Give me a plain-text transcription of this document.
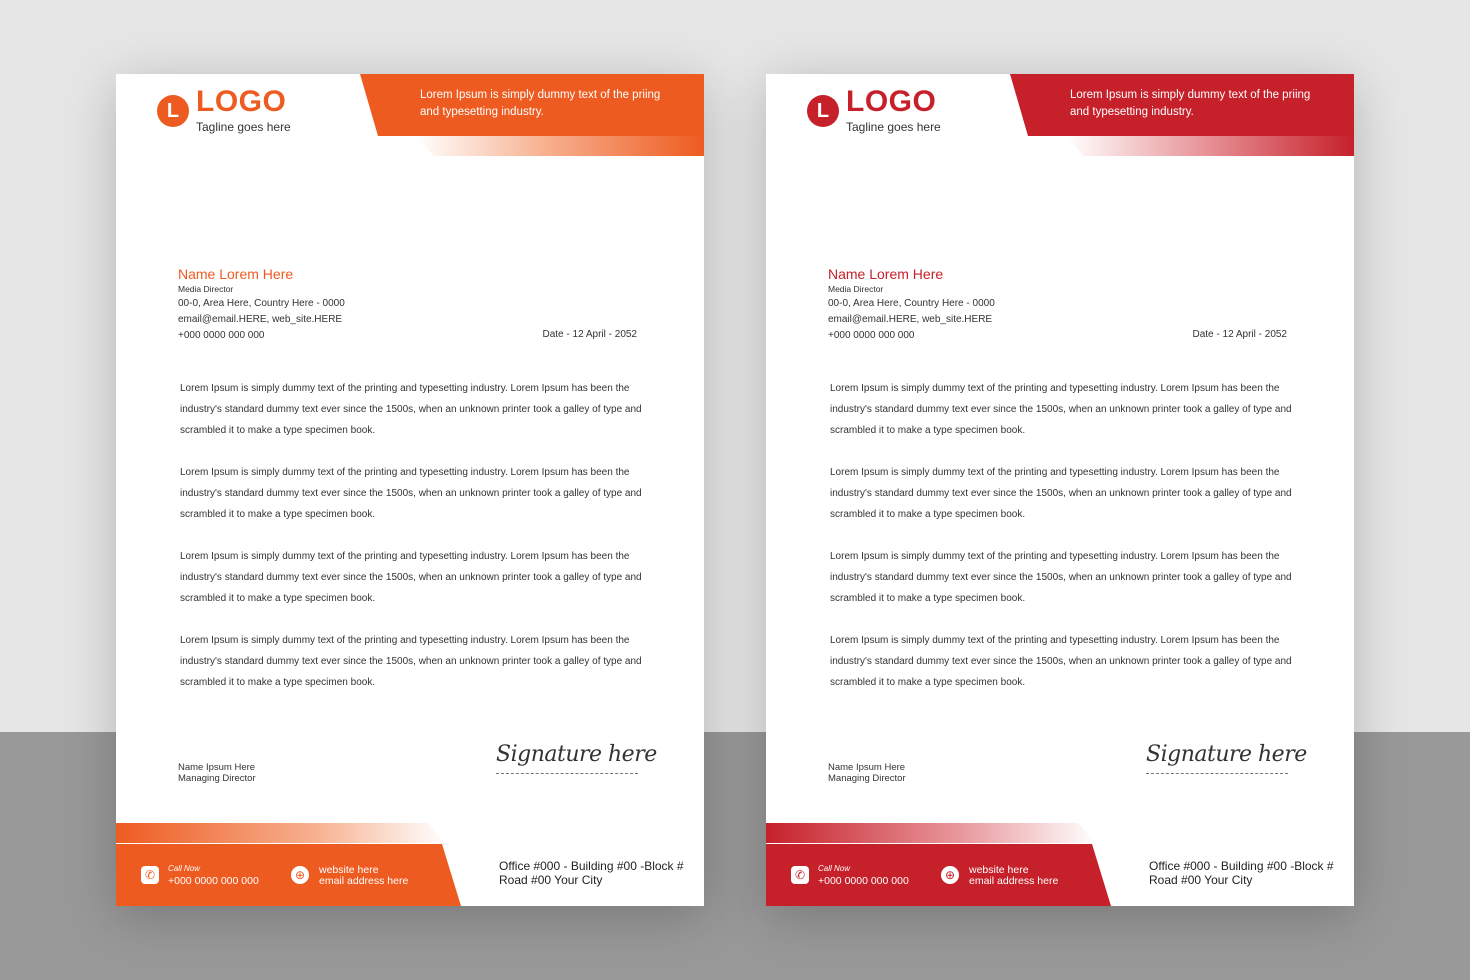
Lorem Ipsum is simply dummy text of the priing and typesetting industry.
L LOGO
Tagline goes here
Name Lorem Here
Media Director
00-0, Area Here, Country Here - 0000
email@email.HERE, web_site.HERE
+000 0000 000 000	Date - 12 April - 2052
Lorem Ipsum is simply dummy text of the printing and typesetting industry. Lorem Ipsum has been the industry's standard dummy text ever since the 1500s, when an unknown printer took a galley of type and scrambled it to make a type specimen book.
Lorem Ipsum is simply dummy text of the printing and typesetting industry. Lorem Ipsum has been the industry's standard dummy text ever since the 1500s, when an unknown printer took a galley of type and scrambled it to make a type specimen book.
Lorem Ipsum is simply dummy text of the printing and typesetting industry. Lorem Ipsum has been the industry's standard dummy text ever since the 1500s, when an unknown printer took a galley of type and scrambled it to make a type specimen book.
Lorem Ipsum is simply dummy text of the printing and typesetting industry. Lorem Ipsum has been the industry's standard dummy text ever since the 1500s, when an unknown printer took a galley of type and scrambled it to make a type specimen book.
Name Ipsum Here
Managing Director
Signature here
✆	Call Now
+000 0000 000 000	⊕	website here
email address here
Office #000 - Building #00 -Block # Road #00 Your City
Lorem Ipsum is simply dummy text of the priing and typesetting industry.
L LOGO
Tagline goes here
Name Lorem Here
Media Director
00-0, Area Here, Country Here - 0000
email@email.HERE, web_site.HERE
+000 0000 000 000	Date - 12 April - 2052
Lorem Ipsum is simply dummy text of the printing and typesetting industry. Lorem Ipsum has been the industry's standard dummy text ever since the 1500s, when an unknown printer took a galley of type and scrambled it to make a type specimen book.
Lorem Ipsum is simply dummy text of the printing and typesetting industry. Lorem Ipsum has been the industry's standard dummy text ever since the 1500s, when an unknown printer took a galley of type and scrambled it to make a type specimen book.
Lorem Ipsum is simply dummy text of the printing and typesetting industry. Lorem Ipsum has been the industry's standard dummy text ever since the 1500s, when an unknown printer took a galley of type and scrambled it to make a type specimen book.
Lorem Ipsum is simply dummy text of the printing and typesetting industry. Lorem Ipsum has been the industry's standard dummy text ever since the 1500s, when an unknown printer took a galley of type and scrambled it to make a type specimen book.
Name Ipsum Here
Managing Director
Signature here
✆	Call Now
+000 0000 000 000	⊕	website here
email address here
Office #000 - Building #00 -Block # Road #00 Your City
